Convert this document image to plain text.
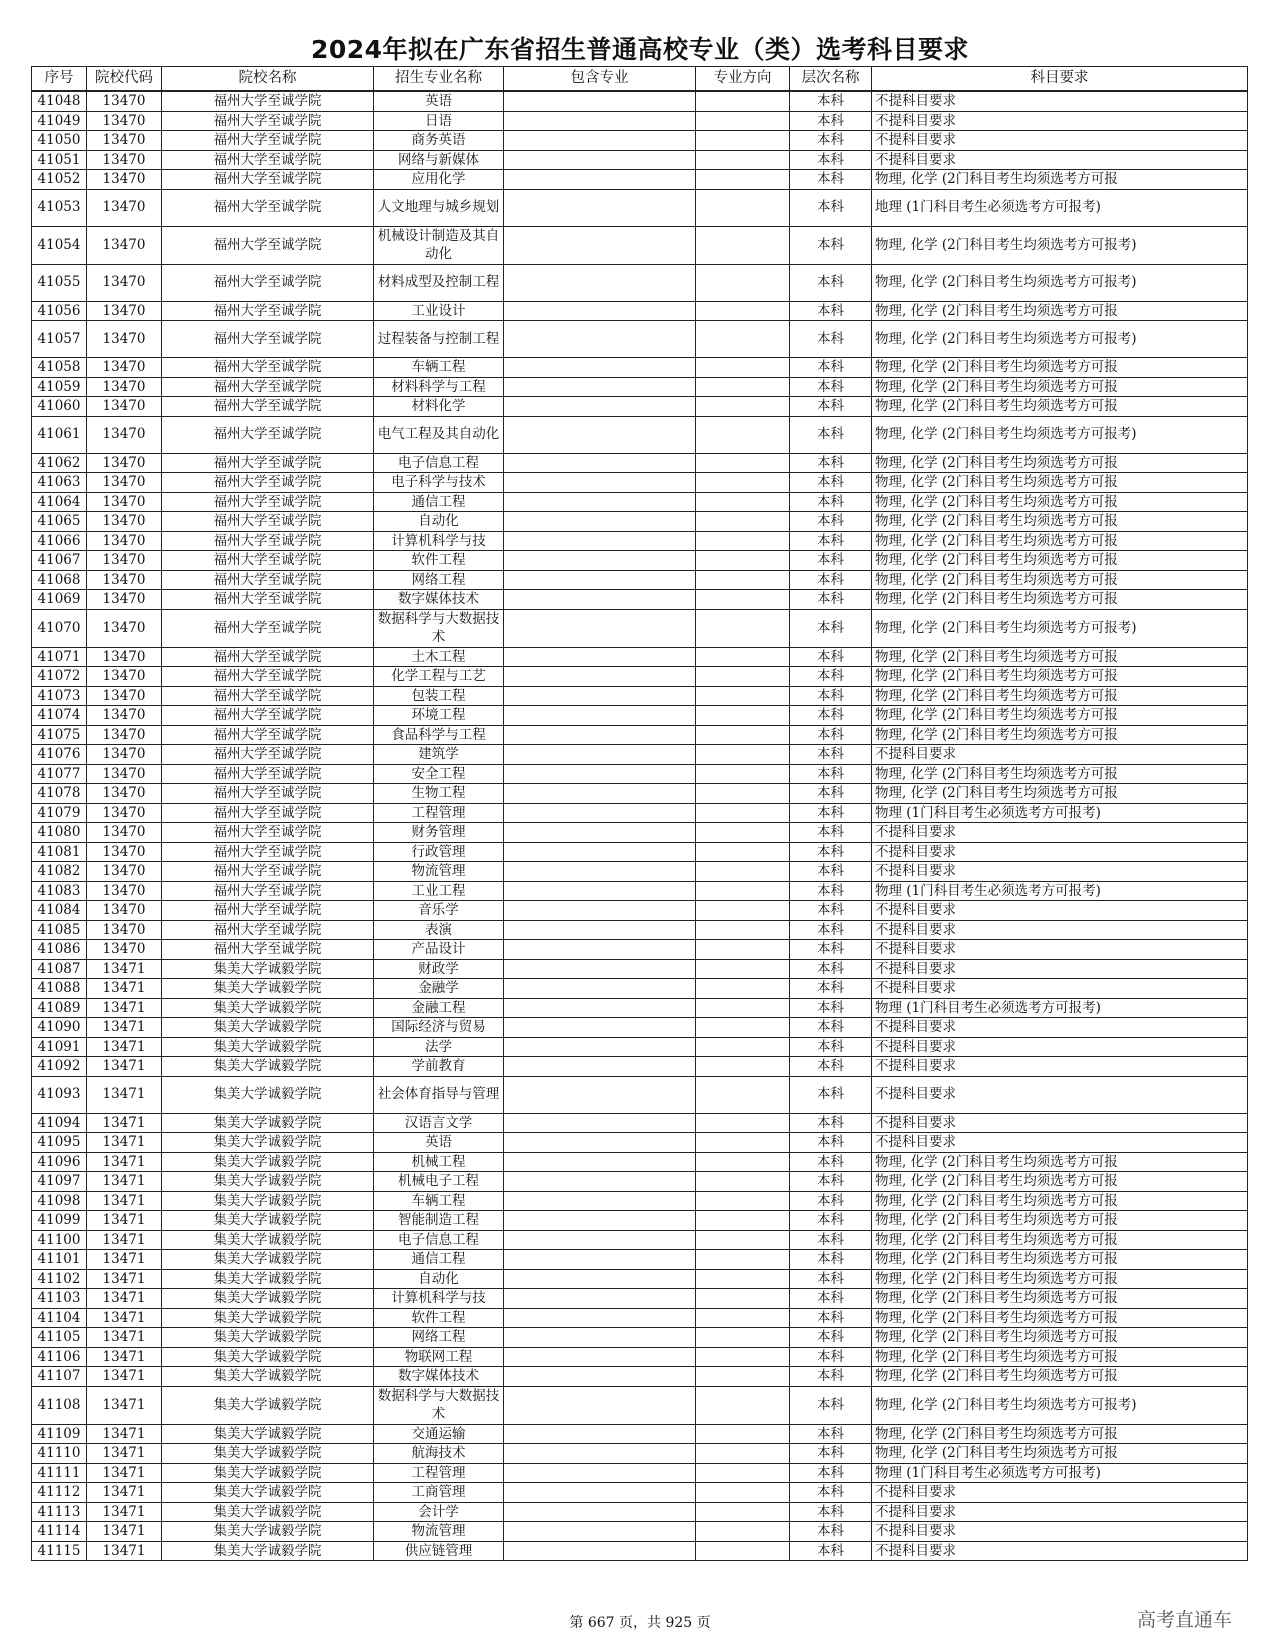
2024年拟在广东省招生普通高校专业（类）选考科目要求
序号	院校代码	院校名称	招生专业名称	包含专业	专业方向	层次名称	科目要求
41048	13470	福州大学至诚学院	英语			本科	不提科目要求
41049	13470	福州大学至诚学院	日语			本科	不提科目要求
41050	13470	福州大学至诚学院	商务英语			本科	不提科目要求
41051	13470	福州大学至诚学院	网络与新媒体			本科	不提科目要求
41052	13470	福州大学至诚学院	应用化学			本科	物理, 化学 (2门科目考生均须选考方可报
41053	13470	福州大学至诚学院	人文地理与城乡规划			本科	地理 (1门科目考生必须选考方可报考)
41054	13470	福州大学至诚学院	机械设计制造及其自动化			本科	物理, 化学 (2门科目考生均须选考方可报考)
41055	13470	福州大学至诚学院	材料成型及控制工程			本科	物理, 化学 (2门科目考生均须选考方可报考)
41056	13470	福州大学至诚学院	工业设计			本科	物理, 化学 (2门科目考生均须选考方可报
41057	13470	福州大学至诚学院	过程装备与控制工程			本科	物理, 化学 (2门科目考生均须选考方可报考)
41058	13470	福州大学至诚学院	车辆工程			本科	物理, 化学 (2门科目考生均须选考方可报
41059	13470	福州大学至诚学院	材料科学与工程			本科	物理, 化学 (2门科目考生均须选考方可报
41060	13470	福州大学至诚学院	材料化学			本科	物理, 化学 (2门科目考生均须选考方可报
41061	13470	福州大学至诚学院	电气工程及其自动化			本科	物理, 化学 (2门科目考生均须选考方可报考)
41062	13470	福州大学至诚学院	电子信息工程			本科	物理, 化学 (2门科目考生均须选考方可报
41063	13470	福州大学至诚学院	电子科学与技术			本科	物理, 化学 (2门科目考生均须选考方可报
41064	13470	福州大学至诚学院	通信工程			本科	物理, 化学 (2门科目考生均须选考方可报
41065	13470	福州大学至诚学院	自动化			本科	物理, 化学 (2门科目考生均须选考方可报
41066	13470	福州大学至诚学院	计算机科学与技			本科	物理, 化学 (2门科目考生均须选考方可报
41067	13470	福州大学至诚学院	软件工程			本科	物理, 化学 (2门科目考生均须选考方可报
41068	13470	福州大学至诚学院	网络工程			本科	物理, 化学 (2门科目考生均须选考方可报
41069	13470	福州大学至诚学院	数字媒体技术			本科	物理, 化学 (2门科目考生均须选考方可报
41070	13470	福州大学至诚学院	数据科学与大数据技术			本科	物理, 化学 (2门科目考生均须选考方可报考)
41071	13470	福州大学至诚学院	土木工程			本科	物理, 化学 (2门科目考生均须选考方可报
41072	13470	福州大学至诚学院	化学工程与工艺			本科	物理, 化学 (2门科目考生均须选考方可报
41073	13470	福州大学至诚学院	包装工程			本科	物理, 化学 (2门科目考生均须选考方可报
41074	13470	福州大学至诚学院	环境工程			本科	物理, 化学 (2门科目考生均须选考方可报
41075	13470	福州大学至诚学院	食品科学与工程			本科	物理, 化学 (2门科目考生均须选考方可报
41076	13470	福州大学至诚学院	建筑学			本科	不提科目要求
41077	13470	福州大学至诚学院	安全工程			本科	物理, 化学 (2门科目考生均须选考方可报
41078	13470	福州大学至诚学院	生物工程			本科	物理, 化学 (2门科目考生均须选考方可报
41079	13470	福州大学至诚学院	工程管理			本科	物理 (1门科目考生必须选考方可报考)
41080	13470	福州大学至诚学院	财务管理			本科	不提科目要求
41081	13470	福州大学至诚学院	行政管理			本科	不提科目要求
41082	13470	福州大学至诚学院	物流管理			本科	不提科目要求
41083	13470	福州大学至诚学院	工业工程			本科	物理 (1门科目考生必须选考方可报考)
41084	13470	福州大学至诚学院	音乐学			本科	不提科目要求
41085	13470	福州大学至诚学院	表演			本科	不提科目要求
41086	13470	福州大学至诚学院	产品设计			本科	不提科目要求
41087	13471	集美大学诚毅学院	财政学			本科	不提科目要求
41088	13471	集美大学诚毅学院	金融学			本科	不提科目要求
41089	13471	集美大学诚毅学院	金融工程			本科	物理 (1门科目考生必须选考方可报考)
41090	13471	集美大学诚毅学院	国际经济与贸易			本科	不提科目要求
41091	13471	集美大学诚毅学院	法学			本科	不提科目要求
41092	13471	集美大学诚毅学院	学前教育			本科	不提科目要求
41093	13471	集美大学诚毅学院	社会体育指导与管理			本科	不提科目要求
41094	13471	集美大学诚毅学院	汉语言文学			本科	不提科目要求
41095	13471	集美大学诚毅学院	英语			本科	不提科目要求
41096	13471	集美大学诚毅学院	机械工程			本科	物理, 化学 (2门科目考生均须选考方可报
41097	13471	集美大学诚毅学院	机械电子工程			本科	物理, 化学 (2门科目考生均须选考方可报
41098	13471	集美大学诚毅学院	车辆工程			本科	物理, 化学 (2门科目考生均须选考方可报
41099	13471	集美大学诚毅学院	智能制造工程			本科	物理, 化学 (2门科目考生均须选考方可报
41100	13471	集美大学诚毅学院	电子信息工程			本科	物理, 化学 (2门科目考生均须选考方可报
41101	13471	集美大学诚毅学院	通信工程			本科	物理, 化学 (2门科目考生均须选考方可报
41102	13471	集美大学诚毅学院	自动化			本科	物理, 化学 (2门科目考生均须选考方可报
41103	13471	集美大学诚毅学院	计算机科学与技			本科	物理, 化学 (2门科目考生均须选考方可报
41104	13471	集美大学诚毅学院	软件工程			本科	物理, 化学 (2门科目考生均须选考方可报
41105	13471	集美大学诚毅学院	网络工程			本科	物理, 化学 (2门科目考生均须选考方可报
41106	13471	集美大学诚毅学院	物联网工程			本科	物理, 化学 (2门科目考生均须选考方可报
41107	13471	集美大学诚毅学院	数字媒体技术			本科	物理, 化学 (2门科目考生均须选考方可报
41108	13471	集美大学诚毅学院	数据科学与大数据技术			本科	物理, 化学 (2门科目考生均须选考方可报考)
41109	13471	集美大学诚毅学院	交通运输			本科	物理, 化学 (2门科目考生均须选考方可报
41110	13471	集美大学诚毅学院	航海技术			本科	物理, 化学 (2门科目考生均须选考方可报
41111	13471	集美大学诚毅学院	工程管理			本科	物理 (1门科目考生必须选考方可报考)
41112	13471	集美大学诚毅学院	工商管理			本科	不提科目要求
41113	13471	集美大学诚毅学院	会计学			本科	不提科目要求
41114	13471	集美大学诚毅学院	物流管理			本科	不提科目要求
41115	13471	集美大学诚毅学院	供应链管理			本科	不提科目要求
第 667 页，共 925 页	高考直通车
